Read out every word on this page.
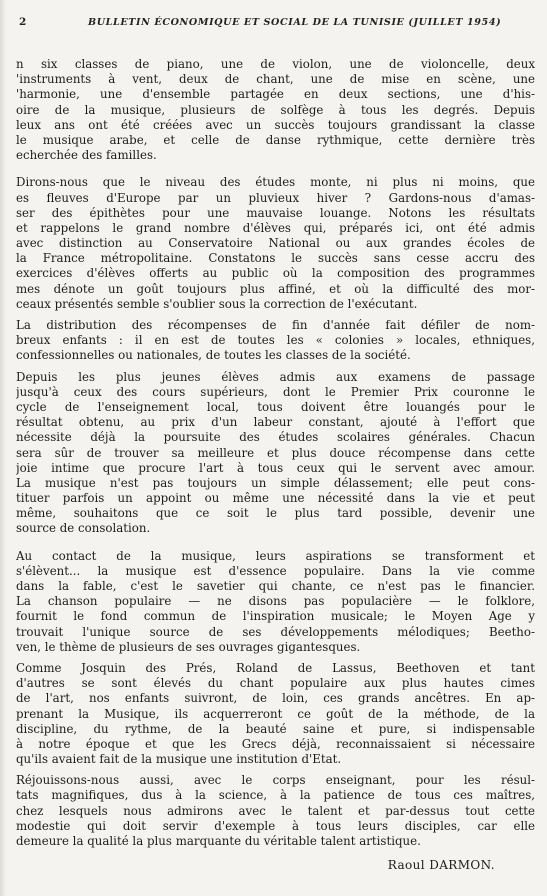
2	BULLETIN ÉCONOMIQUE ET SOCIAL DE LA TUNISIE (JUILLET 1954)
n six classes de piano, une de violon, une de violoncelle, deux
'instruments à vent, deux de chant, une de mise en scène, une
'harmonie, une d'ensemble partagée en deux sections, une d'his-
oire de la musique, plusieurs de solfège à tous les degrés. Depuis
leux ans ont été créées avec un succès toujours grandissant la classe
le musique arabe, et celle de danse rythmique, cette dernière très
echerchée des familles.
Dirons-nous que le niveau des études monte, ni plus ni moins, que
es fleuves d'Europe par un pluvieux hiver ? Gardons-nous d'amas-
ser des épithètes pour une mauvaise louange. Notons les résultats
et rappelons le grand nombre d'élèves qui, préparés ici, ont été admis
avec distinction au Conservatoire National ou aux grandes écoles de
la France métropolitaine. Constatons le succès sans cesse accru des
exercices d'élèves offerts au public où la composition des programmes
mes dénote un goût toujours plus affiné, et où la difficulté des mor-
ceaux présentés semble s'oublier sous la correction de l'exécutant.
La distribution des récompenses de fin d'année fait défiler de nom-
breux enfants : il en est de toutes les « colonies » locales, ethniques,
confessionnelles ou nationales, de toutes les classes de la société.
Depuis les plus jeunes élèves admis aux examens de passage
jusqu'à ceux des cours supérieurs, dont le Premier Prix couronne le
cycle de l'enseignement local, tous doivent être louangés pour le
résultat obtenu, au prix d'un labeur constant, ajouté à l'effort que
nécessite déjà la poursuite des études scolaires générales. Chacun
sera sûr de trouver sa meilleure et plus douce récompense dans cette
joie intime que procure l'art à tous ceux qui le servent avec amour.
La musique n'est pas toujours un simple délassement; elle peut cons-
tituer parfois un appoint ou même une nécessité dans la vie et peut
même, souhaitons que ce soit le plus tard possible, devenir une
source de consolation.
Au contact de la musique, leurs aspirations se transforment et
s'élèvent... la musique est d'essence populaire. Dans la vie comme
dans la fable, c'est le savetier qui chante, ce n'est pas le financier.
La chanson populaire — ne disons pas populacière — le folklore,
fournit le fond commun de l'inspiration musicale; le Moyen Age y
trouvait l'unique source de ses développements mélodiques; Beetho-
ven, le thème de plusieurs de ses ouvrages gigantesques.
Comme Josquin des Prés, Roland de Lassus, Beethoven et tant
d'autres se sont élevés du chant populaire aux plus hautes cimes
de l'art, nos enfants suivront, de loin, ces grands ancêtres. En ap-
prenant la Musique, ils acquerreront ce goût de la méthode, de la
discipline, du rythme, de la beauté saine et pure, si indispensable
à notre époque et que les Grecs déjà, reconnaissaient si nécessaire
qu'ils avaient fait de la musique une institution d'Etat.
Réjouissons-nous aussi, avec le corps enseignant, pour les résul-
tats magnifiques, dus à la science, à la patience de tous ces maîtres,
chez lesquels nous admirons avec le talent et par-dessus tout cette
modestie qui doit servir d'exemple à tous leurs disciples, car elle
demeure la qualité la plus marquante du véritable talent artistique.
Raoul DARMON.
